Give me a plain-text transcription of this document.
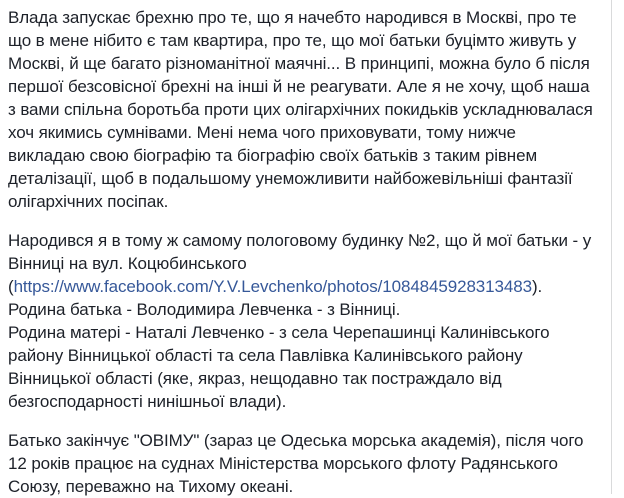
Влада запускає брехню про те, що я начебто народився в Москві, про те що в мене нібито є там квартира, про те, що мої батьки буцімто живуть у Москві, й ще багато різноманітної маячні... В принципі, можна було б після першої безсовісної брехні на інші й не реагувати. Але я не хочу, щоб наша з вами спільна боротьба проти цих олігархічних покидьків ускладнювалася хоч якимись сумнівами. Мені нема чого приховувати, тому нижче викладаю свою біографію та біографію своїх батьків з таким рівнем деталізації, щоб в подальшому унеможливити найбожевільніші фантазії олігархічних посіпак.

Народився я в тому ж самому пологовому будинку №2, що й мої батьки - у Вінниці на вул. Коцюбинського (https://www.facebook.com/Y.V.Levchenko/photos/1084845928313483).
Родина батька - Володимира Левченка - з Вінниці.
Родина матері - Наталі Левченко - з села Черепашинці Калинівського району Вінницької області та села Павлівка Калинівського району Вінницької області (яке, якраз, нещодавно так постраждало від безгосподарності нинішньої влади).

Батько закінчує "ОВІМУ" (зараз це Одеська морська академія), після чого 12 років працює на суднах Міністерства морського флоту Радянського Союзу, переважно на Тихому океані.
